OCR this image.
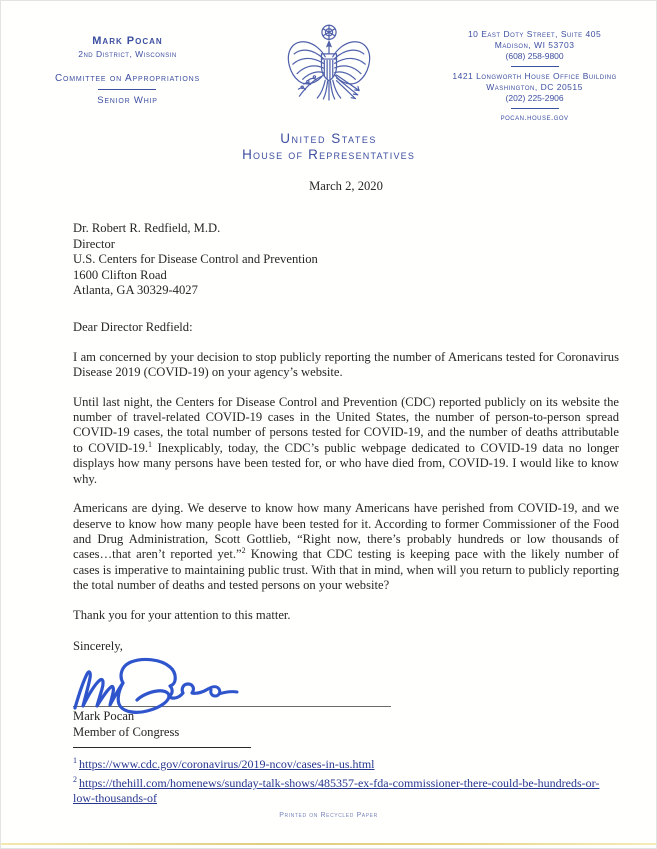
Mark Pocan
2nd District, Wisconsin
Committee on Appropriations
Senior Whip
United States
House of Representatives
10 East Doty Street, Suite 405
Madison, WI 53703
(608) 258-9800
1421 Longworth House Office Building
Washington, DC 20515
(202) 225-2906
pocan.house.gov
March 2, 2020
Dr. Robert R. Redfield, M.D.
Director
U.S. Centers for Disease Control and Prevention
1600 Clifton Road
Atlanta, GA 30329-4027
Dear Director Redfield:

I am concerned by your decision to stop publicly reporting the number of Americans tested for Coronavirus Disease 2019 (COVID-19) on your agency’s website.

Until last night, the Centers for Disease Control and Prevention (CDC) reported publicly on its website the number of travel-related COVID-19 cases in the United States, the number of person-to-person spread COVID-19 cases, the total number of persons tested for COVID-19, and the number of deaths attributable to COVID-19.$^1$ Inexplicably, today, the CDC’s public webpage dedicated to COVID-19 data no longer displays how many persons have been tested for, or who have died from, COVID-19. I would like to know why.

Americans are dying. We deserve to know how many Americans have perished from COVID-19, and we deserve to know how many people have been tested for it. According to former Commissioner of the Food and Drug Administration, Scott Gottlieb, “Right now, there’s probably hundreds or low thousands of cases…that aren’t reported yet.”$^2$ Knowing that CDC testing is keeping pace with the likely number of cases is imperative to maintaining public trust. With that in mind, when will you return to publicly reporting the total number of deaths and tested persons on your website?

Thank you for your attention to this matter.

Sincerely,
Mark Pocan
Member of Congress
$^1$ https://www.cdc.gov/coronavirus/2019-ncov/cases-in-us.html
$^2$ https://thehill.com/homenews/sunday-talk-shows/485357-ex-fda-commissioner-there-could-be-hundreds-or-low-thousands-of
Printed on Recycled Paper
